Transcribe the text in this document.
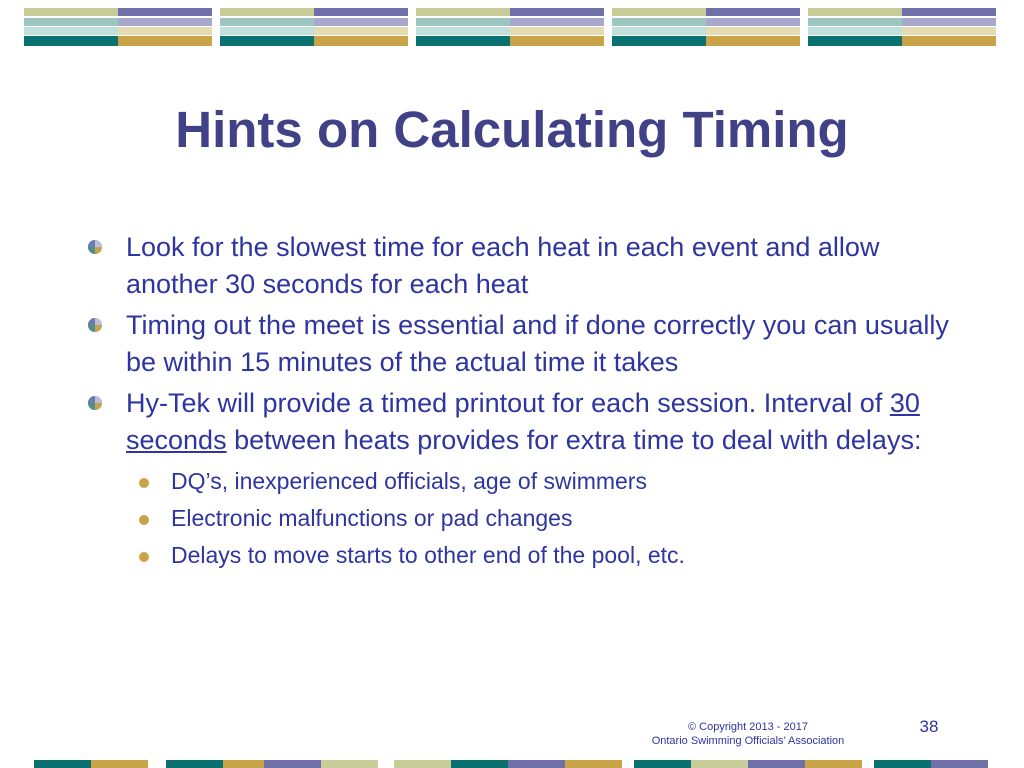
Hints on Calculating Timing
Look for the slowest time for each heat in each event and allow another 30 seconds for each heat
Timing out the meet is essential and if done correctly you can usually be within 15 minutes of the actual time it takes
Hy-Tek will provide a timed printout for each session. Interval of 30 seconds between heats provides for extra time to deal with delays:
DQ’s, inexperienced officials, age of swimmers
Electronic malfunctions or pad changes
Delays to move starts to other end of the pool, etc.
© Copyright 2013 - 2017
Ontario Swimming Officials’ Association
38
